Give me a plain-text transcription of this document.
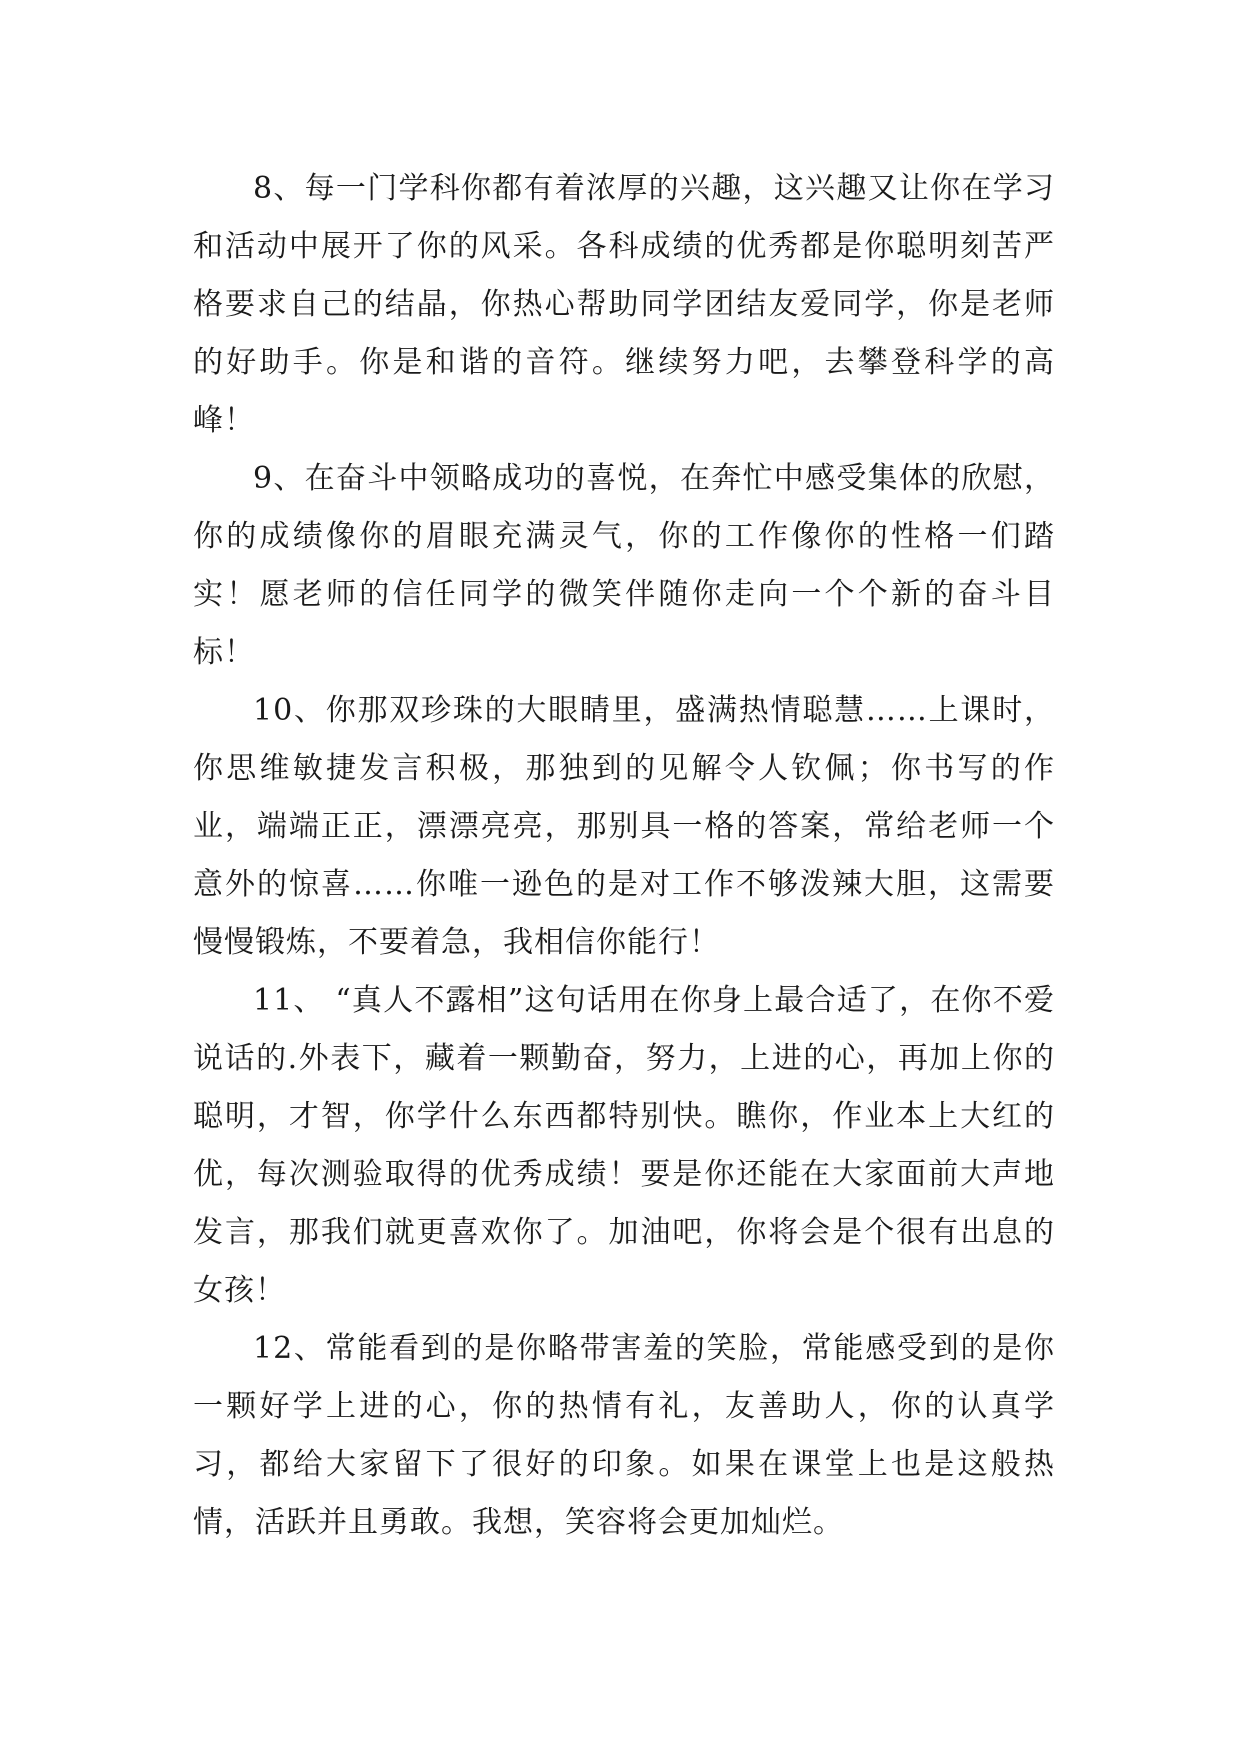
8、每一门学科你都有着浓厚的兴趣，这兴趣又让你在学习和活动中展开了你的风采。各科成绩的优秀都是你聪明刻苦严格要求自己的结晶，你热心帮助同学团结友爱同学，你是老师的好助手。你是和谐的音符。继续努力吧，去攀登科学的高峰！

9、在奋斗中领略成功的喜悦，在奔忙中感受集体的欣慰，你的成绩像你的眉眼充满灵气，你的工作像你的性格一们踏实！愿老师的信任同学的微笑伴随你走向一个个新的奋斗目标！

10、你那双珍珠的大眼睛里，盛满热情聪慧……上课时，你思维敏捷发言积极，那独到的见解令人钦佩；你书写的作业，端端正正，漂漂亮亮，那别具一格的答案，常给老师一个意外的惊喜……你唯一逊色的是对工作不够泼辣大胆，这需要慢慢锻炼，不要着急，我相信你能行！

11、 “真人不露相”这句话用在你身上最合适了，在你不爱说话的.外表下，藏着一颗勤奋，努力，上进的心，再加上你的聪明，才智，你学什么东西都特别快。瞧你，作业本上大红的优，每次测验取得的优秀成绩！要是你还能在大家面前大声地发言，那我们就更喜欢你了。加油吧，你将会是个很有出息的女孩！

12、常能看到的是你略带害羞的笑脸，常能感受到的是你一颗好学上进的心，你的热情有礼，友善助人，你的认真学习，都给大家留下了很好的印象。如果在课堂上也是这般热情，活跃并且勇敢。我想，笑容将会更加灿烂。
